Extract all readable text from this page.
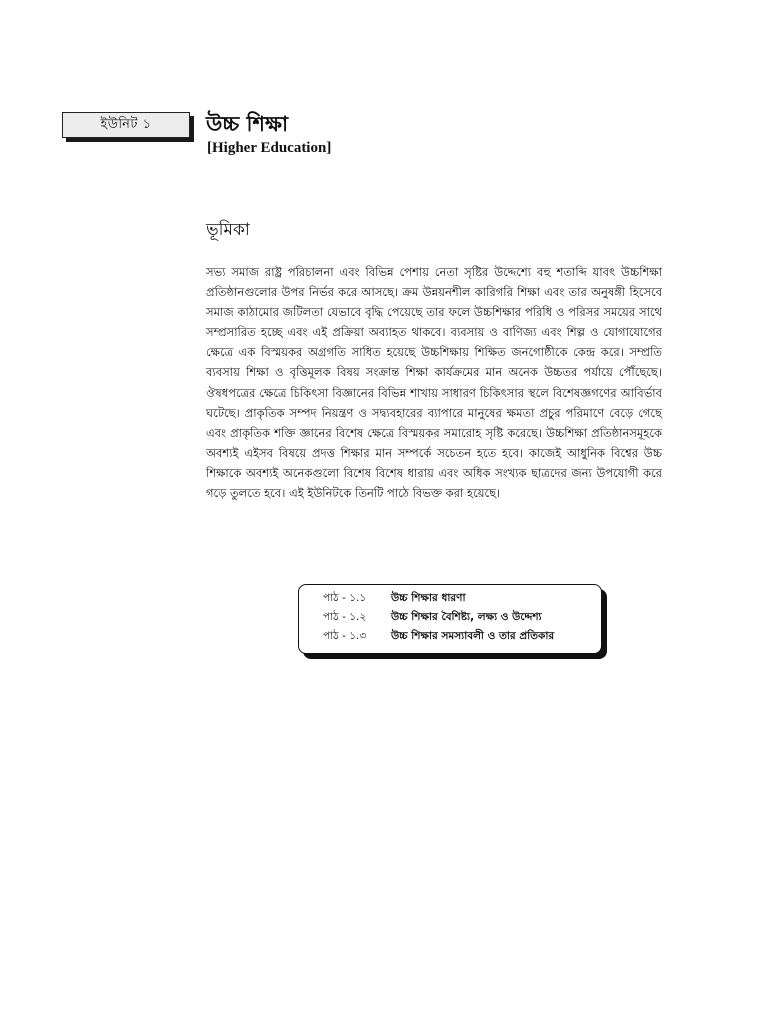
ইউনিট ১	উচ্চ শিক্ষা
[Higher Education]
ভূমিকা

সভ্য সমাজ রাষ্ট্র পরিচালনা এবং বিভিন্ন পেশায় নেতা সৃষ্টির উদ্দেশ্যে বহু শতাব্দি যাবৎ উচ্চশিক্ষা প্রতিষ্ঠানগুলোর উপর নির্ভর করে আসছে। ক্রম উন্নয়নশীল কারিগরি শিক্ষা এবং তার অনুষঙ্গী হিসেবে সমাজ কাঠামোর জটিলতা যেভাবে বৃদ্ধি পেয়েছে তার ফলে উচ্চশিক্ষার পরিধি ও পরিসর সময়ের সাথে সম্প্রসারিত হচ্ছে এবং এই প্রক্রিয়া অব্যাহত থাকবে। ব্যবসায় ও বাণিজ্য এবং শিল্প ও যোগাযোগের ক্ষেত্রে এক বিস্ময়কর অগ্রগতি সাধিত হয়েছে উচ্চশিক্ষায় শিক্ষিত জনগোষ্ঠীকে কেন্দ্র করে। সম্প্রতি ব্যবসায় শিক্ষা ও বৃত্তিমূলক বিষয় সংক্রান্ত শিক্ষা কার্যক্রমের মান অনেক উচ্চতর পর্যায়ে পৌঁছেছে। ঔষধপত্রের ক্ষেত্রে চিকিৎসা বিজ্ঞানের বিভিন্ন শাখায় সাধারণ চিকিৎসার স্থলে বিশেষজ্ঞগণের আবির্ভাব ঘটেছে। প্রাকৃতিক সম্পদ নিয়ন্ত্রণ ও সদ্ব্যবহারের ব্যাপারে মানুষের ক্ষমতা প্রচুর পরিমাণে বেড়ে গেছে এবং প্রাকৃতিক শক্তি জ্ঞানের বিশেষ ক্ষেত্রে বিস্ময়কর সমারোহ সৃষ্টি করেছে। উচ্চশিক্ষা প্রতিষ্ঠানসমূহকে অবশ্যই এইসব বিষয়ে প্রদত্ত শিক্ষার মান সম্পর্কে সচেতন হতে হবে। কাজেই আধুনিক বিশ্বের উচ্চ শিক্ষাকে অবশ্যই অনেকগুলো বিশেষ বিশেষ ধারায় এবং অধিক সংখ্যক ছাত্রদের জন্য উপযোগী করে গড়ে তুলতে হবে। এই ইউনিটকে তিনটি পাঠে বিভক্ত করা হয়েছে।

পাঠ - ১.১	উচ্চ শিক্ষার ধারণা
পাঠ - ১.২	উচ্চ শিক্ষার বৈশিষ্ট্য, লক্ষ্য ও উদ্দেশ্য
পাঠ - ১.৩	উচ্চ শিক্ষার সমস্যাবলী ও তার প্রতিকার
